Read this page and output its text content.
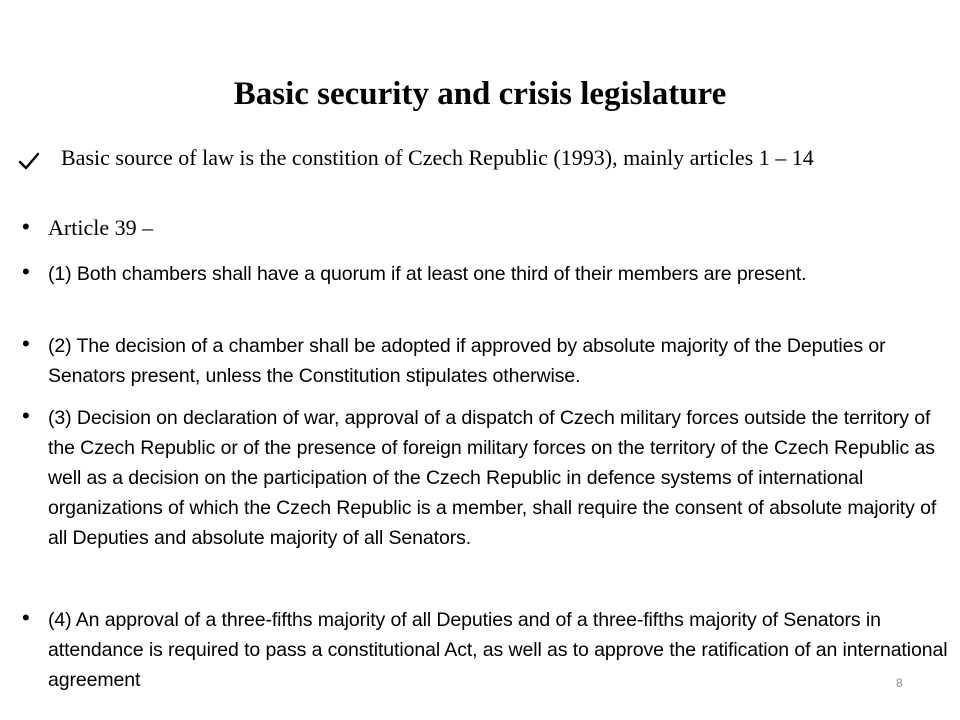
Basic security and crisis legislature
Basic source of law is the constition of Czech Republic (1993), mainly articles 1 – 14
• Article 39 –
• (1) Both chambers shall have a quorum if at least one third of their members are present.
• (2) The decision of a chamber shall be adopted if approved by absolute majority of the Deputies or Senators present, unless the Constitution stipulates otherwise.
• (3) Decision on declaration of war, approval of a dispatch of Czech military forces outside the territory of the Czech Republic or of the presence of foreign military forces on the territory of the Czech Republic as well as a decision on the participation of the Czech Republic in defence systems of international organizations of which the Czech Republic is a member, shall require the consent of absolute majority of all Deputies and absolute majority of all Senators.
• (4) An approval of a three-fifths majority of all Deputies and of a three-fifths majority of Senators in attendance is required to pass a constitutional Act, as well as to approve the ratification of an international agreement	8
